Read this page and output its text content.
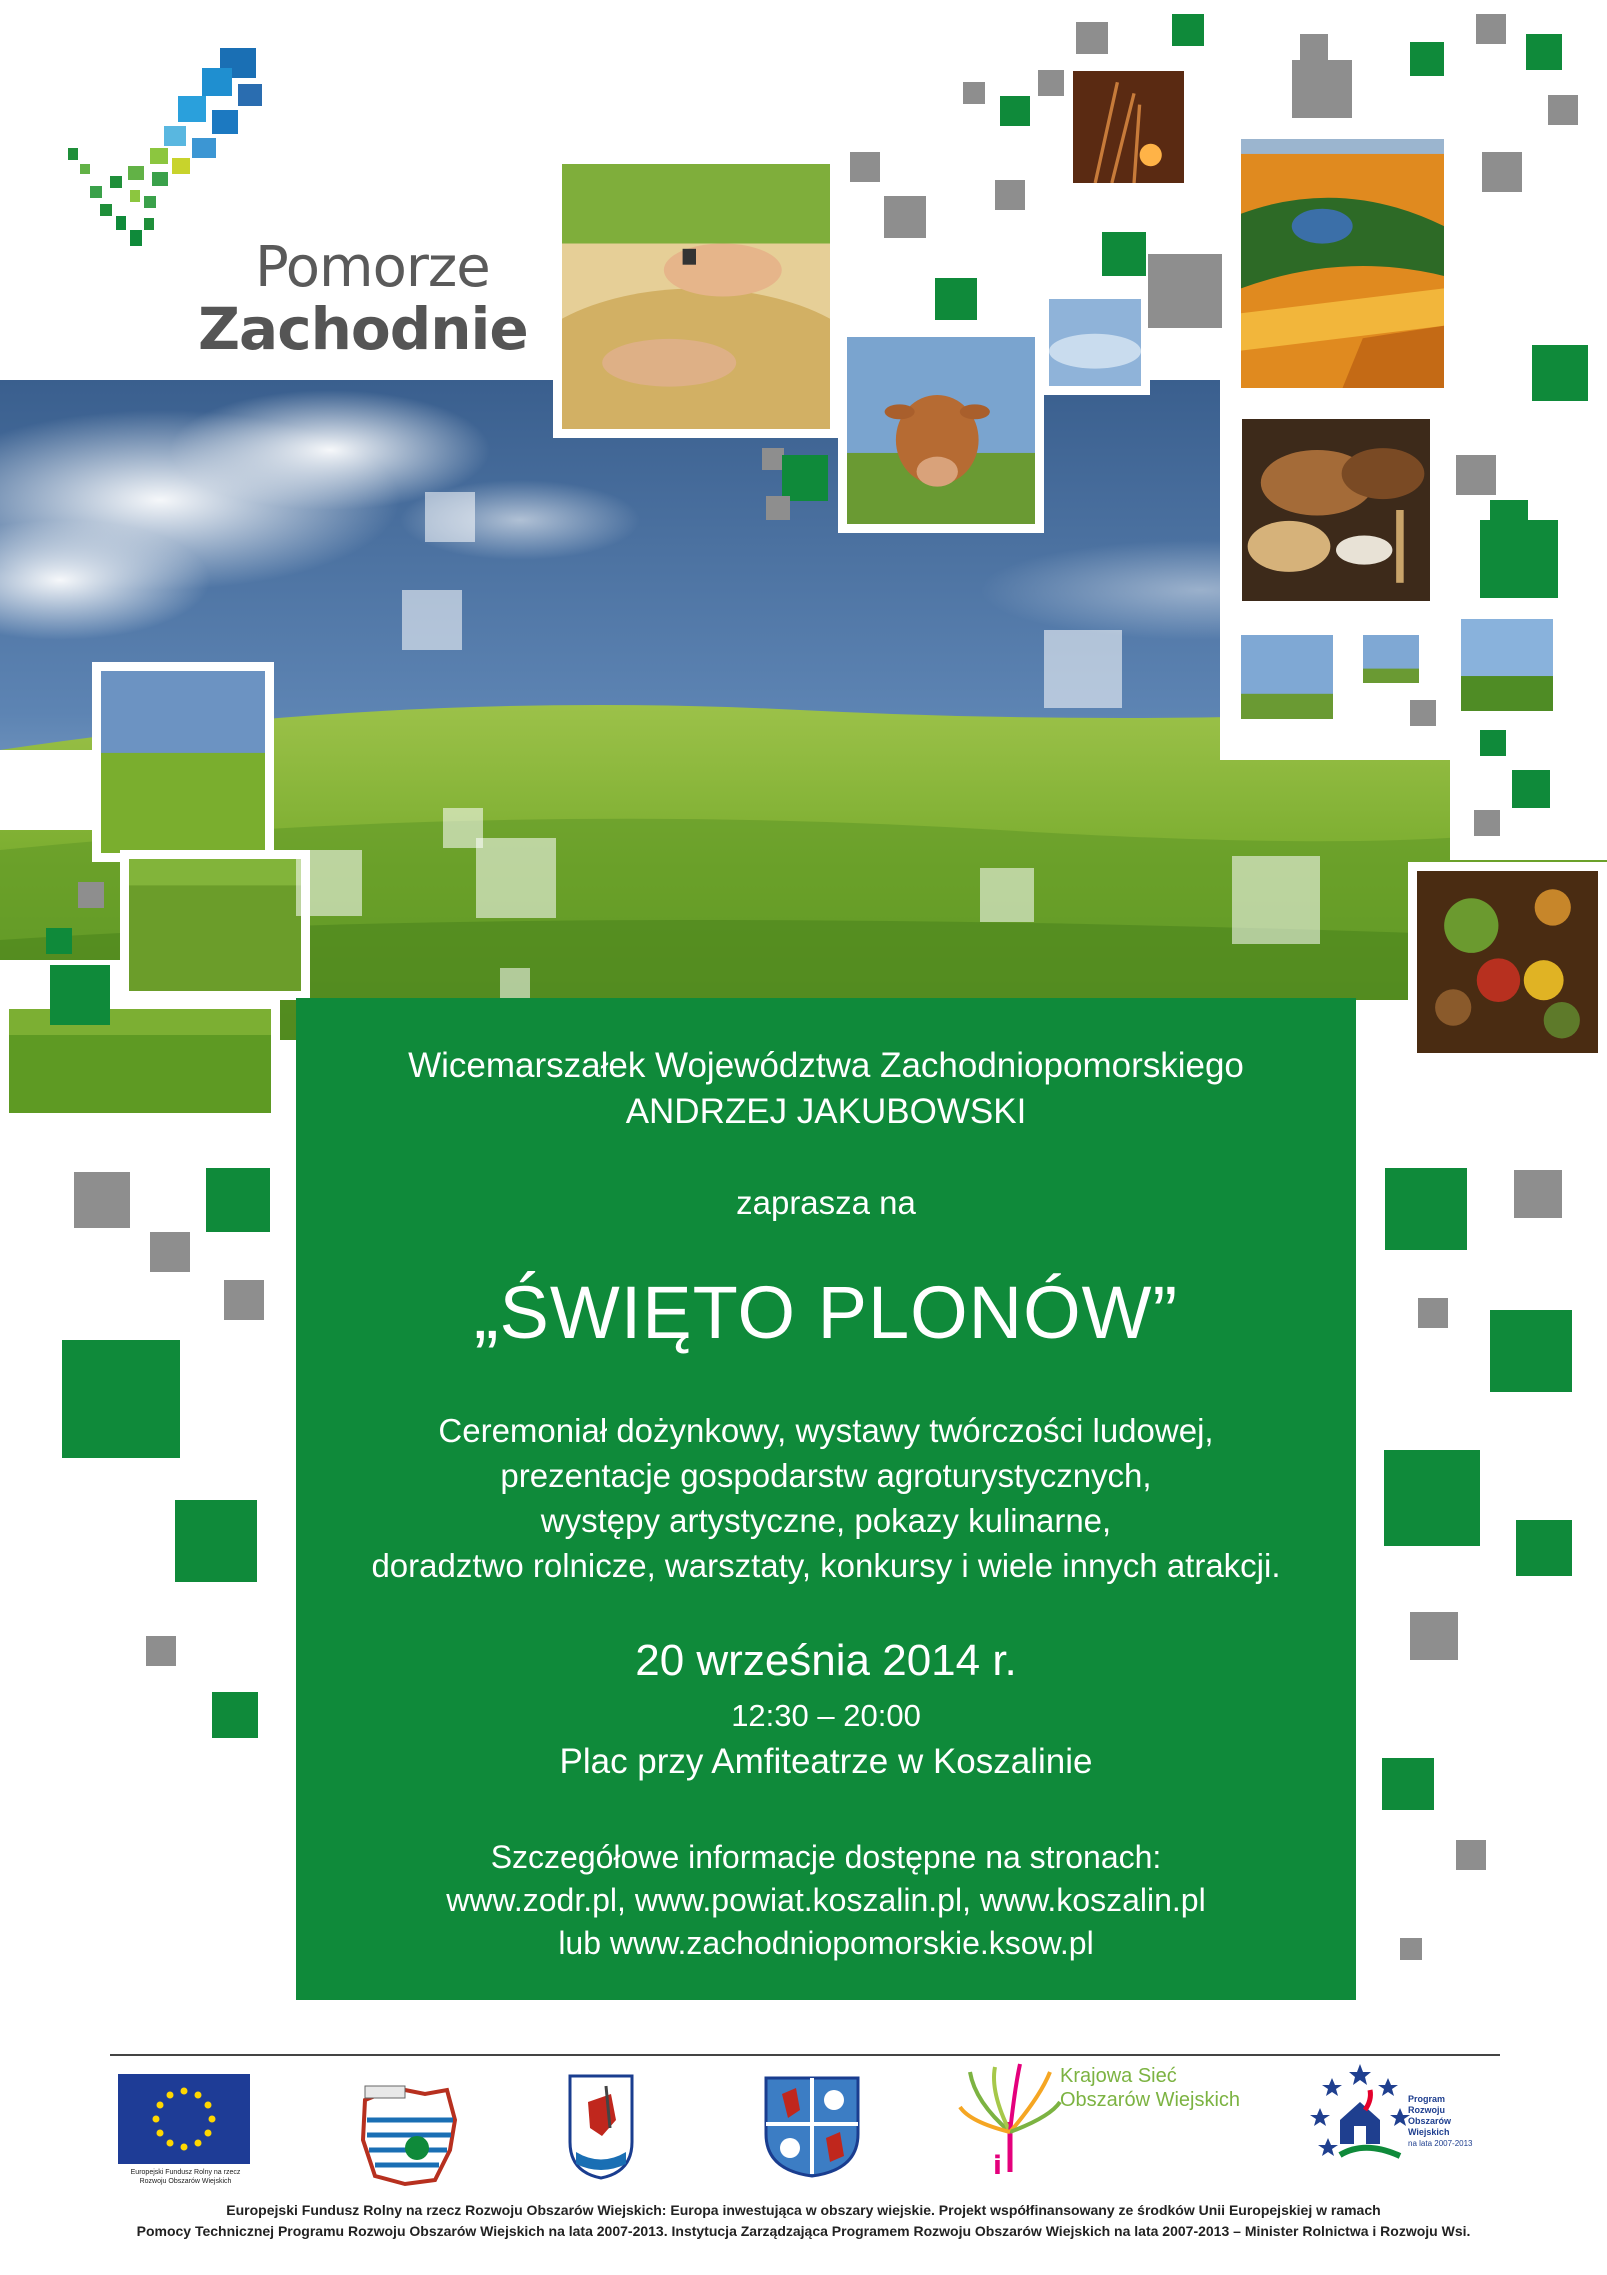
Pomorze
Zachodnie
Wicemarszałek Województwa Zachodniopomorskiego
ANDRZEJ JAKUBOWSKI
zaprasza na
„ŚWIĘTO PLONÓW”
Ceremoniał dożynkowy, wystawy twórczości ludowej,
prezentacje gospodarstw agroturystycznych,
występy artystyczne, pokazy kulinarne,
doradztwo rolnicze, warsztaty, konkursy i wiele innych atrakcji.
20 września 2014 r.
12:30 – 20:00
Plac przy Amfiteatrze w Koszalinie
Szczegółowe informacje dostępne na stronach:
www.zodr.pl, www.powiat.koszalin.pl, www.koszalin.pl
lub www.zachodniopomorskie.ksow.pl
Europejski Fundusz Rolny na rzecz Rozwoju Obszarów Wiejskich
i
Krajowa Sieć
Obszarów Wiejskich	Program
Rozwoju
Obszarów
Wiejskich
na lata 2007-2013
Europejski Fundusz Rolny na rzecz Rozwoju Obszarów Wiejskich: Europa inwestująca w obszary wiejskie. Projekt współfinansowany ze środków Unii Europejskiej w ramach
Pomocy Technicznej Programu Rozwoju Obszarów Wiejskich na lata 2007-2013. Instytucja Zarządzająca Programem Rozwoju Obszarów Wiejskich na lata 2007-2013 – Minister Rolnictwa i Rozwoju Wsi.
